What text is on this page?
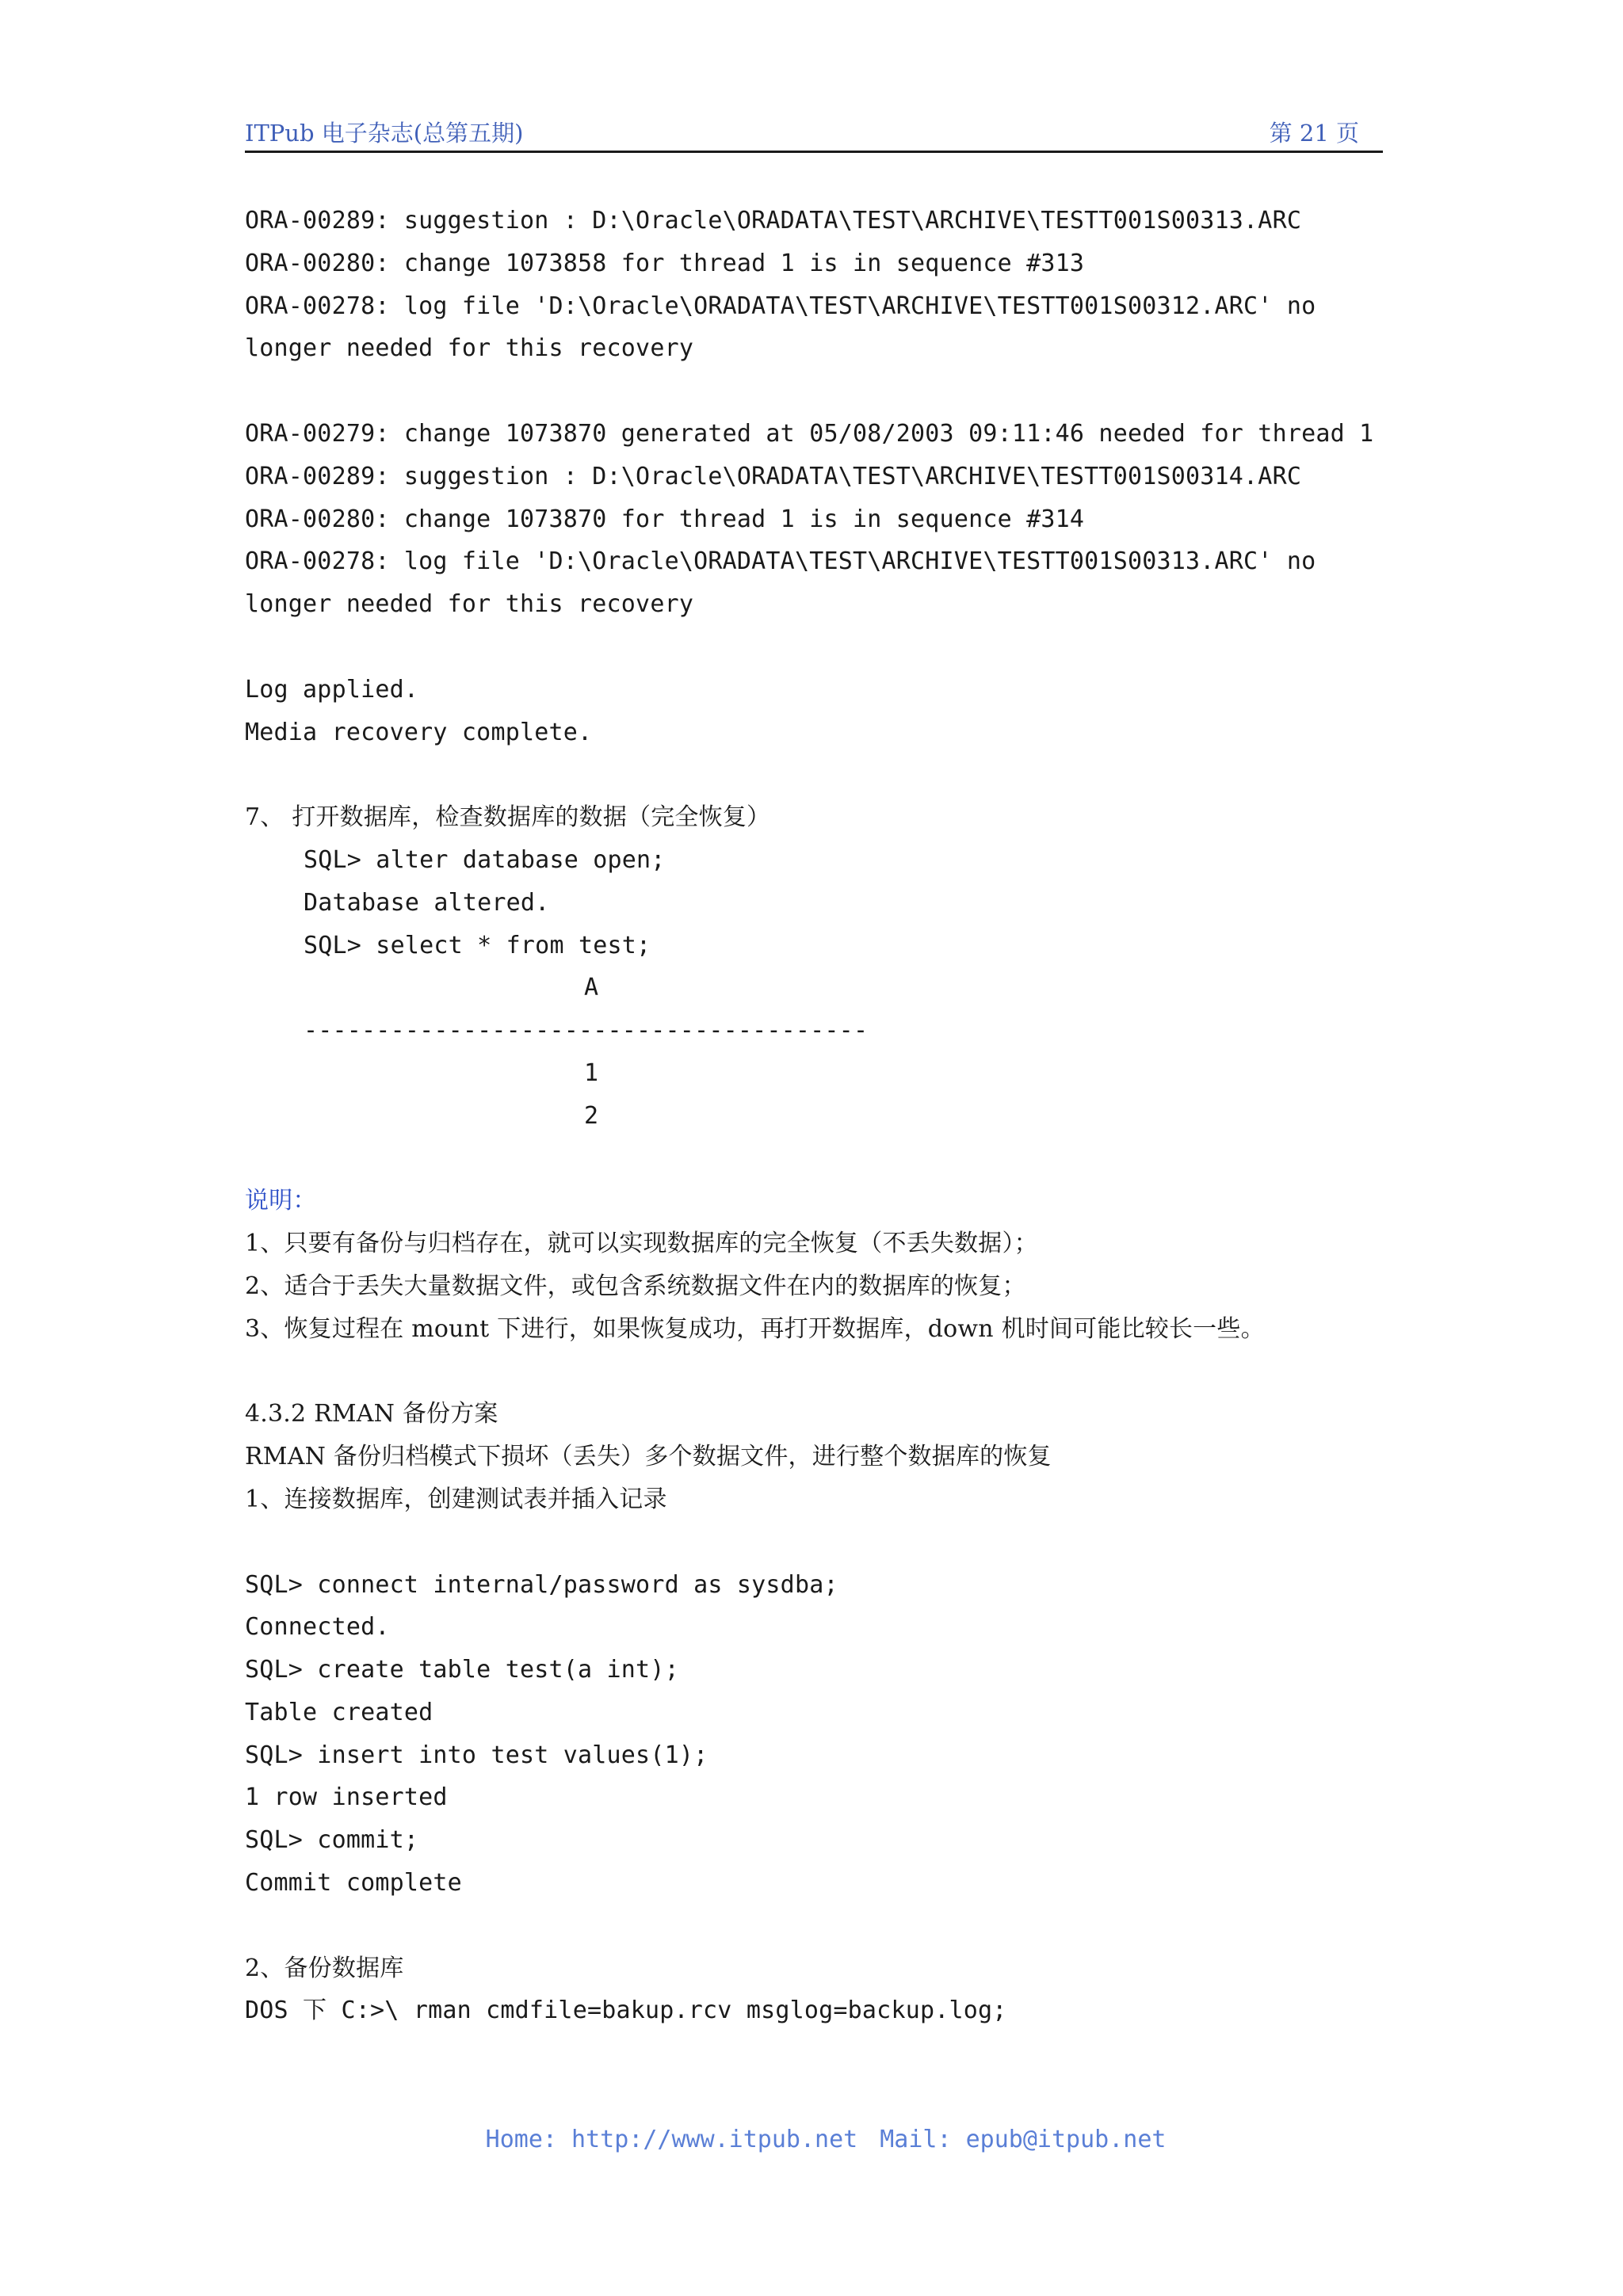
ITPub 电子杂志(总第五期)	第 21 页
ORA-00289: suggestion : D:\Oracle\ORADATA\TEST\ARCHIVE\TESTT001S00313.ARC
ORA-00280: change 1073858 for thread 1 is in sequence #313
ORA-00278: log file 'D:\Oracle\ORADATA\TEST\ARCHIVE\TESTT001S00312.ARC' no
longer needed for this recovery
ORA-00279: change 1073870 generated at 05/08/2003 09:11:46 needed for thread 1
ORA-00289: suggestion : D:\Oracle\ORADATA\TEST\ARCHIVE\TESTT001S00314.ARC
ORA-00280: change 1073870 for thread 1 is in sequence #314
ORA-00278: log file 'D:\Oracle\ORADATA\TEST\ARCHIVE\TESTT001S00313.ARC' no
longer needed for this recovery
Log applied.
Media recovery complete.
7、 打开数据库，检查数据库的数据（完全恢复）
SQL> alter database open;
Database altered.
SQL> select * from test;
A
---------------------------------------
1
2
说明：
1、只要有备份与归档存在，就可以实现数据库的完全恢复（不丢失数据）；
2、适合于丢失大量数据文件，或包含系统数据文件在内的数据库的恢复；
3、恢复过程在 mount 下进行，如果恢复成功，再打开数据库，down 机时间可能比较长一些。
4.3.2 RMAN 备份方案
RMAN 备份归档模式下损坏（丢失）多个数据文件，进行整个数据库的恢复
1、连接数据库，创建测试表并插入记录
SQL> connect internal/password as sysdba;
Connected.
SQL> create table test(a int);
Table created
SQL> insert into test values(1);
1 row inserted
SQL> commit;
Commit complete
2、备份数据库
DOS 下 C:>\ rman cmdfile=bakup.rcv msglog=backup.log;

Home: http://www.itpub.net Mail: epub@itpub.net
